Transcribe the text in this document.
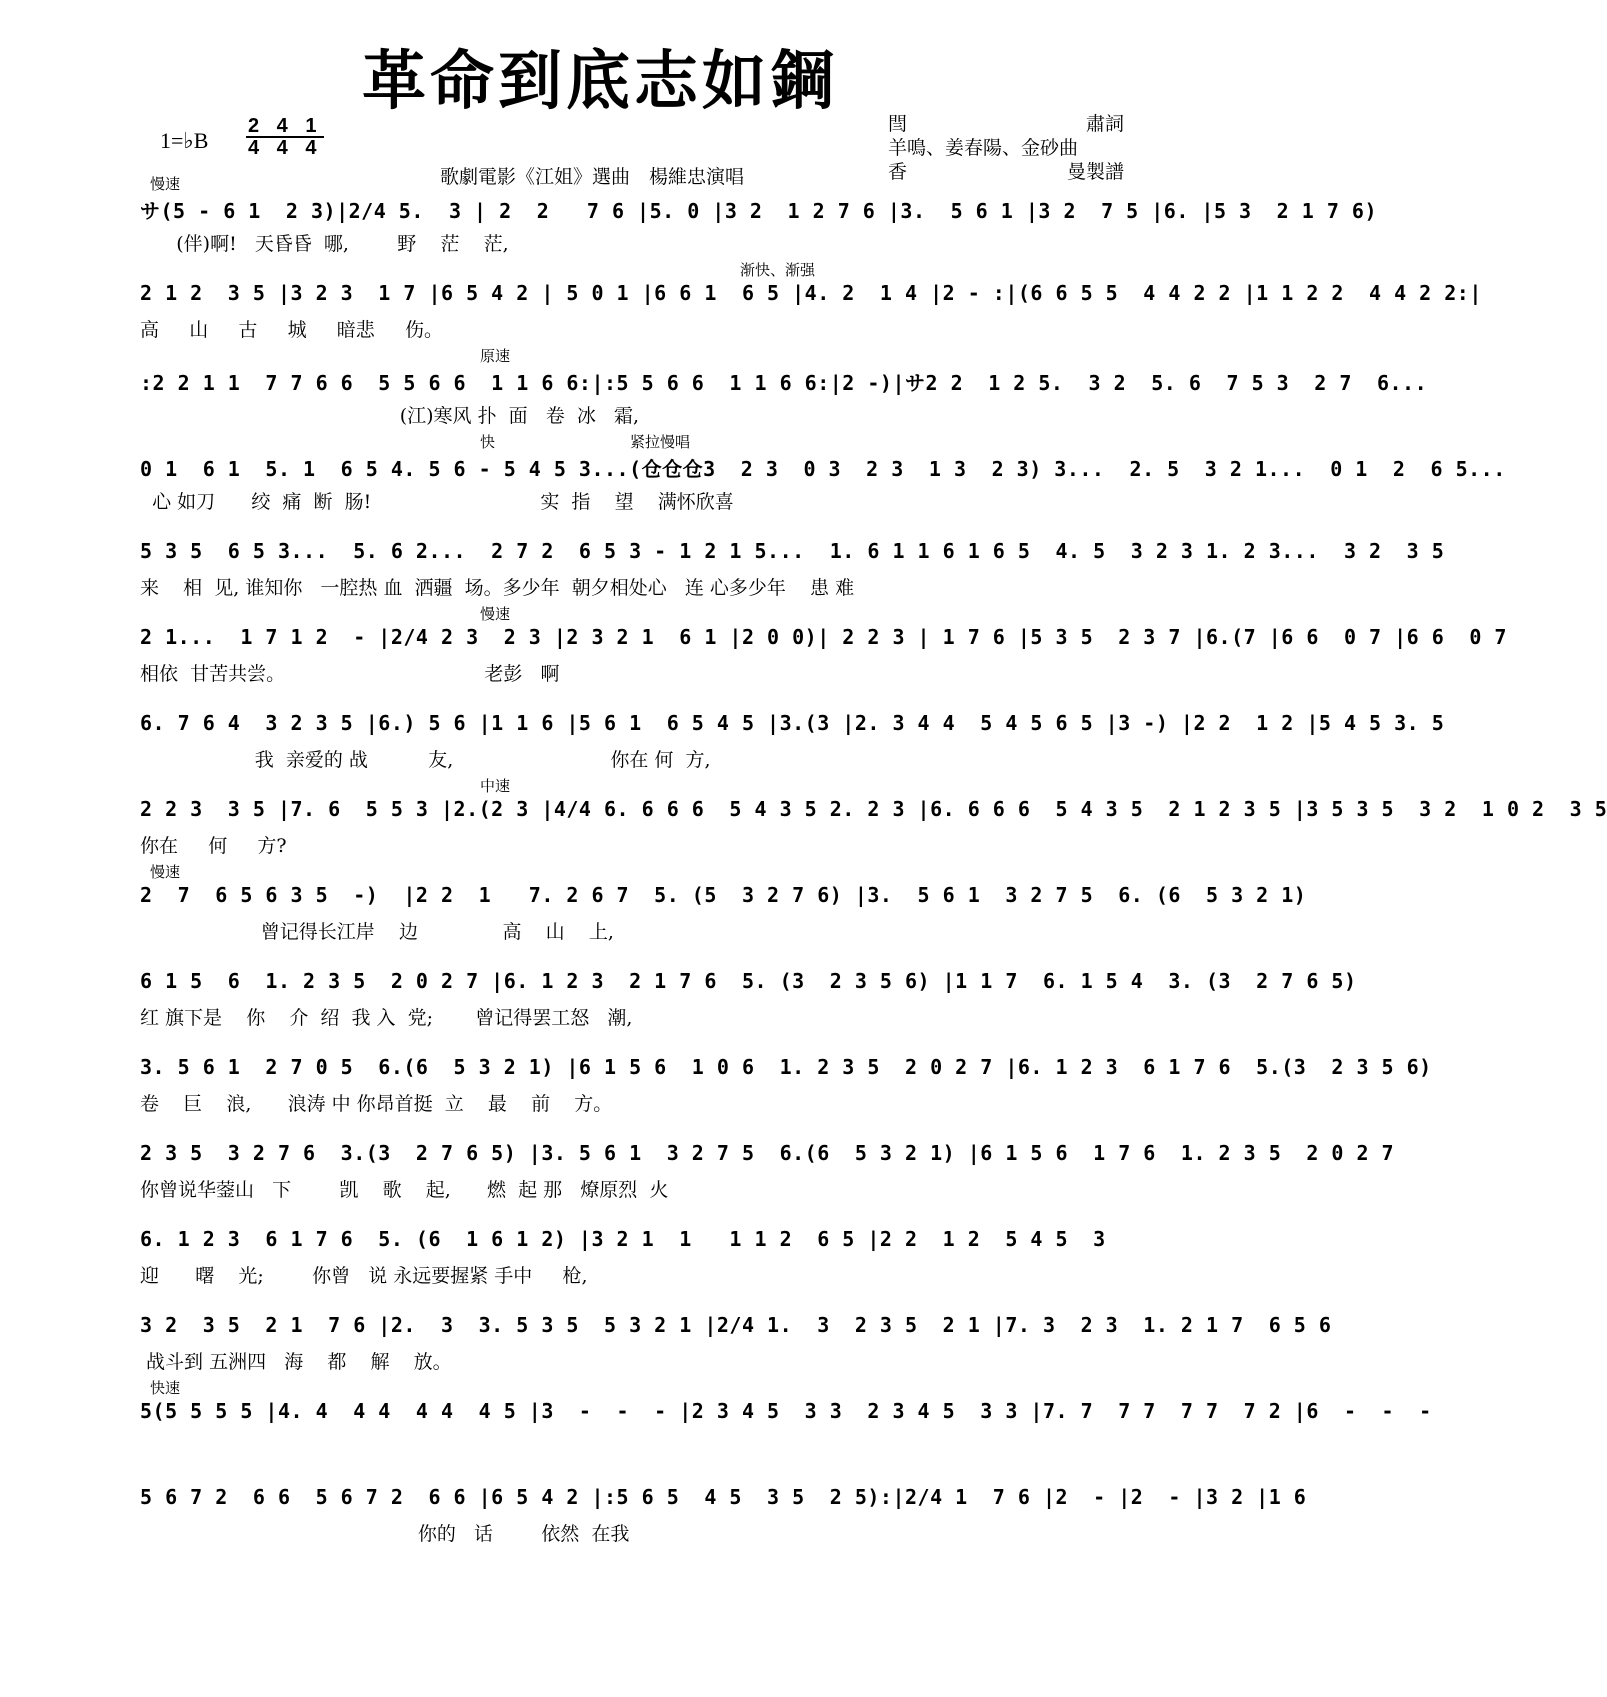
革命到底志如鋼
1=♭B
2 4 1
4 4 4
歌劇電影《江姐》選曲　楊維忠演唱
閆	肅詞
羊鳴、姜春陽、金砂曲
香	曼製譜
慢速
サ(5 - 6 1  2 3)|2/4 5.  3 | 2  2   7 6 |5. 0 |3 2  1 2 7 6 |3.  5 6 1 |3 2  7 5 |6. |5 3  2 1 7 6)
(伴)啊!   天昏昏  哪,        野    茫    茫,
渐快、渐强
2 1 2  3 5 |3 2 3  1 7 |6 5 4 2 | 5 0 1 |6 6 1  6 5 |4. 2  1 4 |2 - :|(6 6 5 5  4 4 2 2 |1 1 2 2  4 4 2 2:|
高     山     古     城     暗悲     伤。
原速
:2 2 1 1  7 7 6 6  5 5 6 6  1 1 6 6:|:5 5 6 6  1 1 6 6:|2 -)|サ2 2  1 2 5.  3 2  5. 6  7 5 3  2 7  6...
(江)寒风 扑  面   卷  冰   霜,
快　　　　　　　　　紧拉慢唱
0 1  6 1  5. 1  6 5 4. 5 6 - 5 4 5 3...(仓仓仓3  2 3  0 3  2 3  1 3  2 3) 3...  2. 5  3 2 1...  0 1  2  6 5...
心 如刀      绞  痛  断  肠!                            实  指    望    满怀欣喜
5 3 5  6 5 3...  5. 6 2...  2 7 2  6 5 3 - 1 2 1 5...  1. 6 1 1 6 1 6 5  4. 5  3 2 3 1. 2 3...  3 2  3 5
来    相  见, 谁知你   一腔热 血  洒疆  场。多少年  朝夕相处心   连 心多少年    患 难
慢速
2 1...  1 7 1 2  - |2/4 2 3  2 3 |2 3 2 1  6 1 |2 0 0)| 2 2 3 | 1 7 6 |5 3 5  2 3 7 |6.(7 |6 6  0 7 |6 6  0 7
相依  甘苦共尝。                                 老彭   啊
6. 7 6 4  3 2 3 5 |6.) 5 6 |1 1 6 |5 6 1  6 5 4 5 |3.(3 |2. 3 4 4  5 4 5 6 5 |3 -) |2 2  1 2 |5 4 5 3. 5
我  亲爱的 战          友,                          你在 何  方,
中速
2 2 3  3 5 |7. 6  5 5 3 |2.(2 3 |4/4 6. 6 6 6  5 4 3 5 2. 2 3 |6. 6 6 6  5 4 3 5  2 1 2 3 5 |3 5 3 5  3 2  1 0 2  3 5
你在     何     方?
慢速
2  7  6 5 6 3 5  -)  |2 2  1   7. 2 6 7  5. (5  3 2 7 6) |3.  5 6 1  3 2 7 5  6. (6  5 3 2 1)
曾记得长江岸    边              高    山    上,
6 1 5  6  1. 2 3 5  2 0 2 7 |6. 1 2 3  2 1 7 6  5. (3  2 3 5 6) |1 1 7  6. 1 5 4  3. (3  2 7 6 5)
红 旗下是    你    介  绍  我 入  党;       曾记得罢工怒   潮,
3. 5 6 1  2 7 0 5  6.(6  5 3 2 1) |6 1 5 6  1 0 6  1. 2 3 5  2 0 2 7 |6. 1 2 3  6 1 7 6  5.(3  2 3 5 6)
卷    巨    浪,      浪涛 中 你昂首挺  立    最    前    方。
2 3 5  3 2 7 6  3.(3  2 7 6 5) |3. 5 6 1  3 2 7 5  6.(6  5 3 2 1) |6 1 5 6  1 7 6  1. 2 3 5  2 0 2 7
你曾说华蓥山   下        凯    歌    起,      燃  起 那   燎原烈  火
6. 1 2 3  6 1 7 6  5. (6  1 6 1 2) |3 2 1  1   1 1 2  6 5 |2 2  1 2  5 4 5  3
迎      曙    光;        你曾   说 永远要握紧 手中     枪,
3 2  3 5  2 1  7 6 |2.  3  3. 5 3 5  5 3 2 1 |2/4 1.  3  2 3 5  2 1 |7. 3  2 3  1. 2 1 7  6 5 6
战斗到 五洲四   海    都    解    放。
快速
5(5 5 5 5 |4. 4  4 4  4 4  4 5 |3  -  -  - |2 3 4 5  3 3  2 3 4 5  3 3 |7. 7  7 7  7 7  7 2 |6  -  -  -
5 6 7 2  6 6  5 6 7 2  6 6 |6 5 4 2 |:5 6 5  4 5  3 5  2 5):|2/4 1  7 6 |2  - |2  - |3 2 |1 6
你的   话        依然  在我
